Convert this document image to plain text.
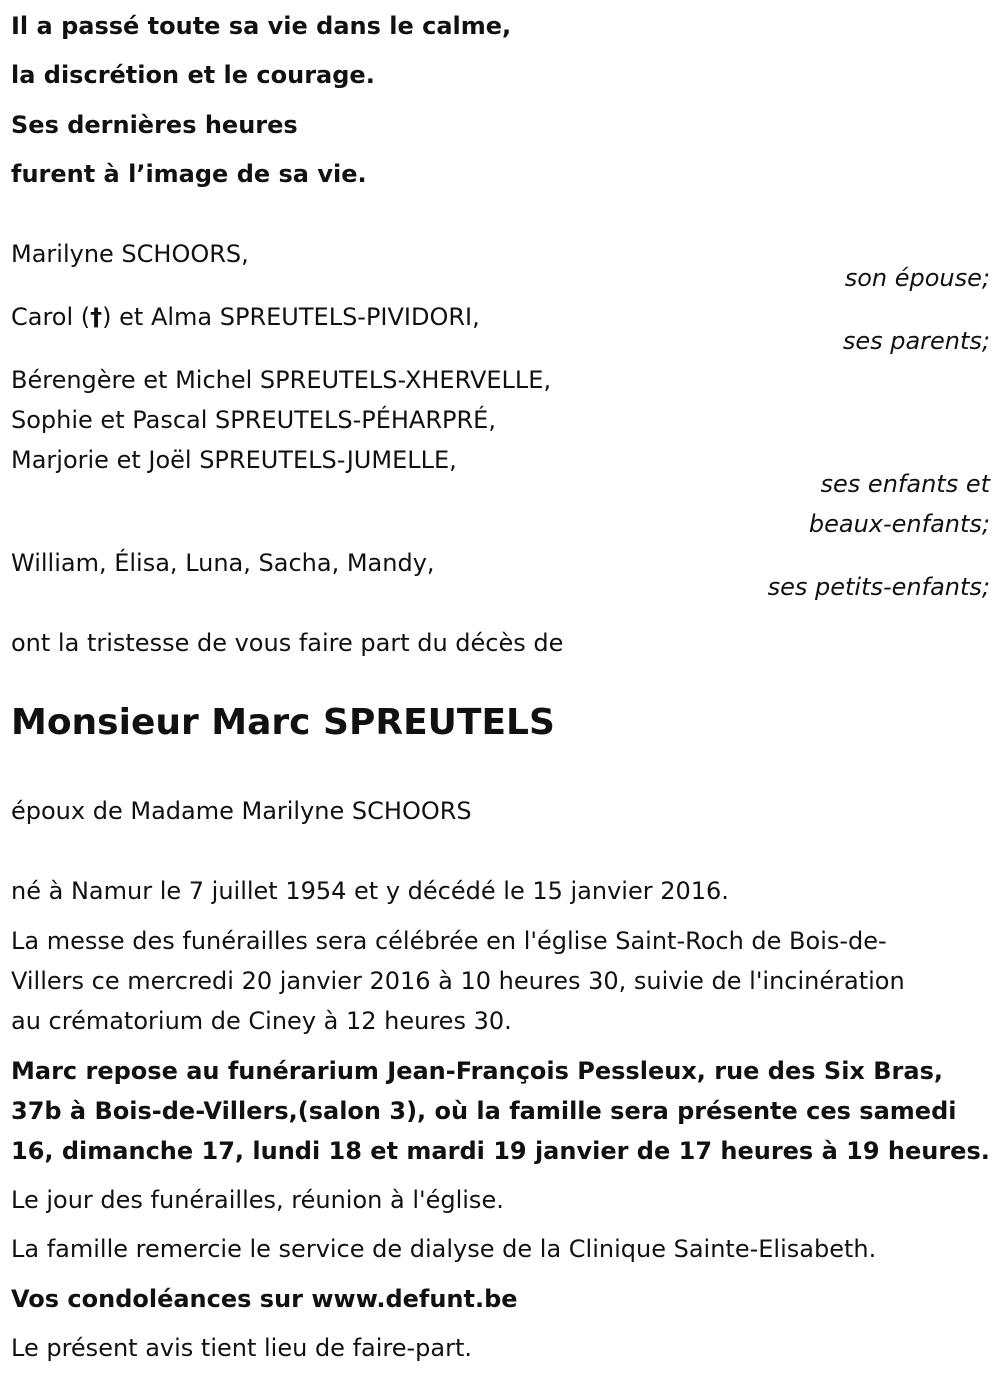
Il a passé toute sa vie dans le calme,
la discrétion et le courage.
Ses dernières heures
furent à l’image de sa vie.
Marilyne SCHOORS,
son épouse;
Carol (†) et Alma SPREUTELS-PIVIDORI,
ses parents;
Bérengère et Michel SPREUTELS-XHERVELLE,
Sophie et Pascal SPREUTELS-PÉHARPRÉ,
Marjorie et Joël SPREUTELS-JUMELLE,
ses enfants et
beaux-enfants;
William, Élisa, Luna, Sacha, Mandy,
ses petits-enfants;
ont la tristesse de vous faire part du décès de
Monsieur Marc SPREUTELS
époux de Madame Marilyne SCHOORS
né à Namur le 7 juillet 1954 et y décédé le 15 janvier 2016.
La messe des funérailles sera célébrée en l'église Saint-Roch de Bois-de-
Villers ce mercredi 20 janvier 2016 à 10 heures 30, suivie de l'incinération
au crématorium de Ciney à 12 heures 30.
Marc repose au funérarium Jean-François Pessleux, rue des Six Bras,
37b à Bois-de-Villers,(salon 3), où la famille sera présente ces samedi
16, dimanche 17, lundi 18 et mardi 19 janvier de 17 heures à 19 heures.
Le jour des funérailles, réunion à l'église.
La famille remercie le service de dialyse de la Clinique Sainte-Elisabeth.
Vos condoléances sur www.defunt.be
Le présent avis tient lieu de faire-part.
